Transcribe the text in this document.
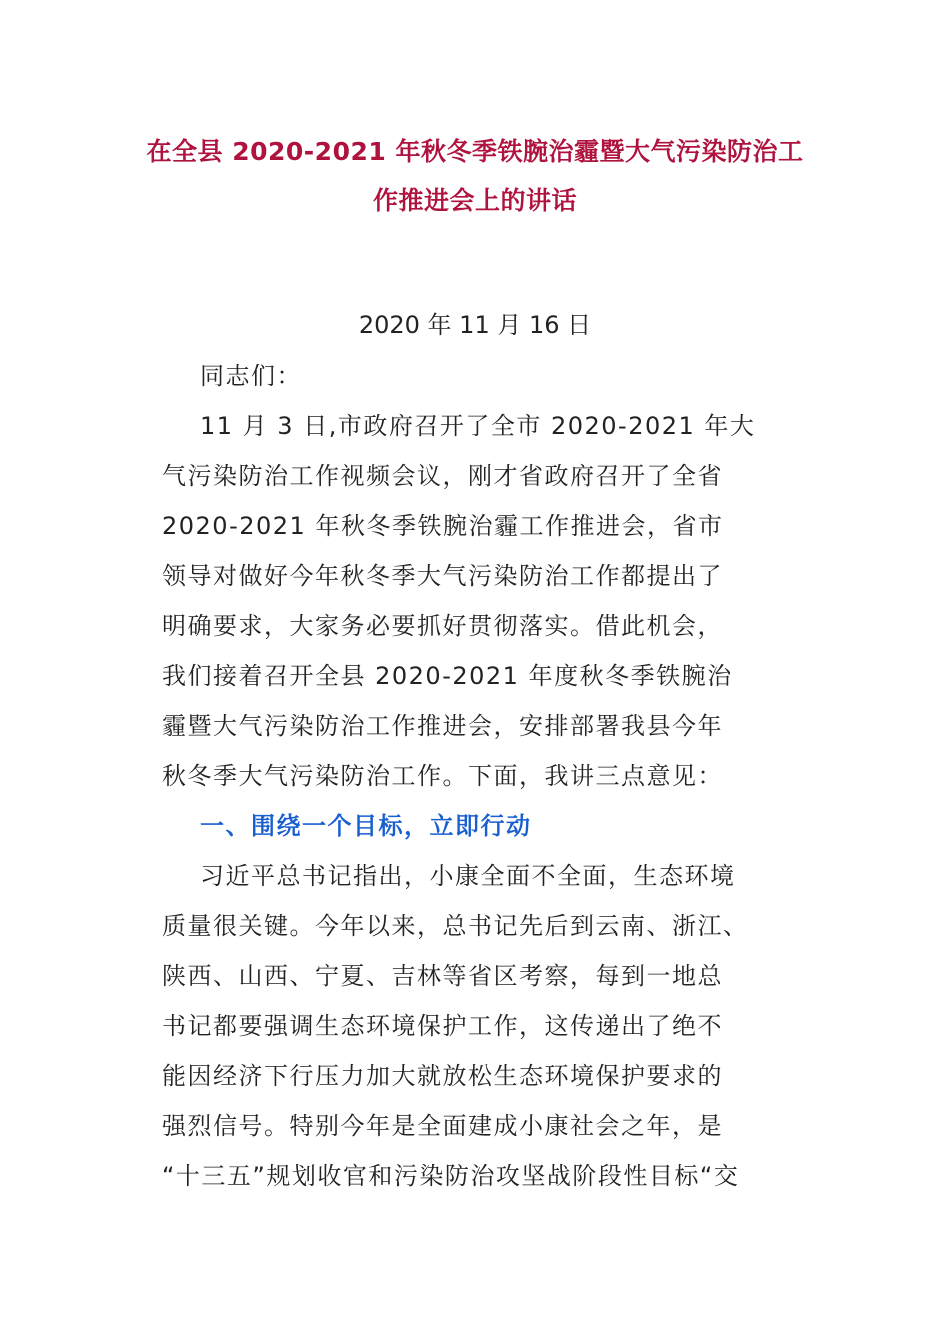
在全县 2020-2021 年秋冬季铁腕治霾暨大气污染防治工
作推进会上的讲话
2020 年 11 月 16 日
同志们：
11 月 3 日,市政府召开了全市 2020-2021 年大
气污染防治工作视频会议，刚才省政府召开了全省
2020-2021 年秋冬季铁腕治霾工作推进会，省市
领导对做好今年秋冬季大气污染防治工作都提出了
明确要求，大家务必要抓好贯彻落实。借此机会，
我们接着召开全县 2020-2021 年度秋冬季铁腕治
霾暨大气污染防治工作推进会，安排部署我县今年
秋冬季大气污染防治工作。下面，我讲三点意见：
一、围绕一个目标，立即行动
习近平总书记指出，小康全面不全面，生态环境
质量很关键。今年以来，总书记先后到云南、浙江、
陕西、山西、宁夏、吉林等省区考察，每到一地总
书记都要强调生态环境保护工作，这传递出了绝不
能因经济下行压力加大就放松生态环境保护要求的
强烈信号。特别今年是全面建成小康社会之年，是
“十三五”规划收官和污染防治攻坚战阶段性目标“交
